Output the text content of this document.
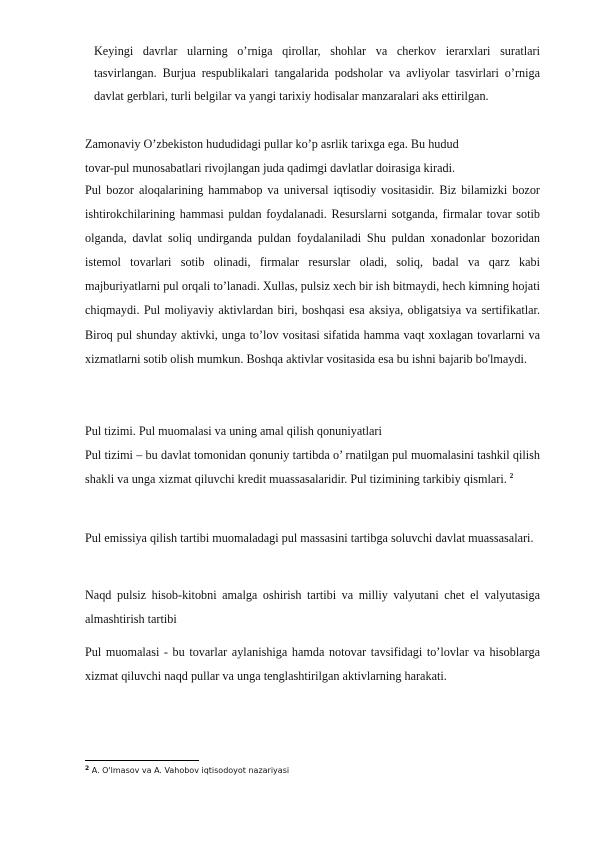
Keyingi davrlar ularning o’rniga qirollar, shohlar va cherkov ierarxlari suratlari tasvirlangan. Burjua respublikalari tangalarida podsholar va avliyolar tasvirlari o’rniga davlat gerblari, turli belgilar va yangi tarixiy hodisalar manzaralari aks ettirilgan.

Zamonaviy O’zbekiston hududidagi pullar ko’p asrlik tarixga ega. Bu hudud

tovar-pul munosabatlari rivojlangan juda qadimgi davlatlar doirasiga kiradi.

Pul bozor aloqalarining hammabop va universal iqtisodiy vositasidir. Biz bilamizki bozor ishtirokchilarining hammasi puldan foydalanadi. Resurslarni sotganda, firmalar tovar sotib olganda, davlat soliq undirganda puldan foydalaniladi Shu puldan xonadonlar bozoridan istemol tovarlari sotib olinadi, firmalar resurslar oladi, soliq, badal va qarz kabi majburiyatlarni pul orqali to’lanadi. Xullas, pulsiz xech bir ish bitmaydi, hech kimning hojati chiqmaydi. Pul moliyaviy aktivlardan biri, boshqasi esa aksiya, obligatsiya va sertifikatlar. Biroq pul shunday aktivki, unga to’lov vositasi sifatida hamma vaqt xoxlagan tovarlarni va xizmatlarni sotib olish mumkun. Boshqa aktivlar vositasida esa bu ishni bajarib bo'lmaydi.

Pul tizimi. Pul muomalasi va uning amal qilish qonuniyatlari

Pul tizimi – bu davlat tomonidan qonuniy tartibda o’ rnatilgan pul muomalasini tashkil qilish shakli va unga xizmat qiluvchi kredit muassasalaridir. Pul tizimining tarkibiy qismlari. $^2$

Pul emissiya qilish tartibi muomaladagi pul massasini tartibga soluvchi davlat muassasalari.

Naqd pulsiz hisob-kitobni amalga oshirish tartibi va milliy valyutani chet el valyutasiga almashtirish tartibi

Pul muomalasi - bu tovarlar aylanishiga hamda notovar tavsifidagi to’lovlar va hisoblarga xizmat qiluvchi naqd pullar va unga tenglashtirilgan aktivlarning harakati.

$^2$ A. O'lmasov va A. Vahobov iqtisodoyot nazariyasi
